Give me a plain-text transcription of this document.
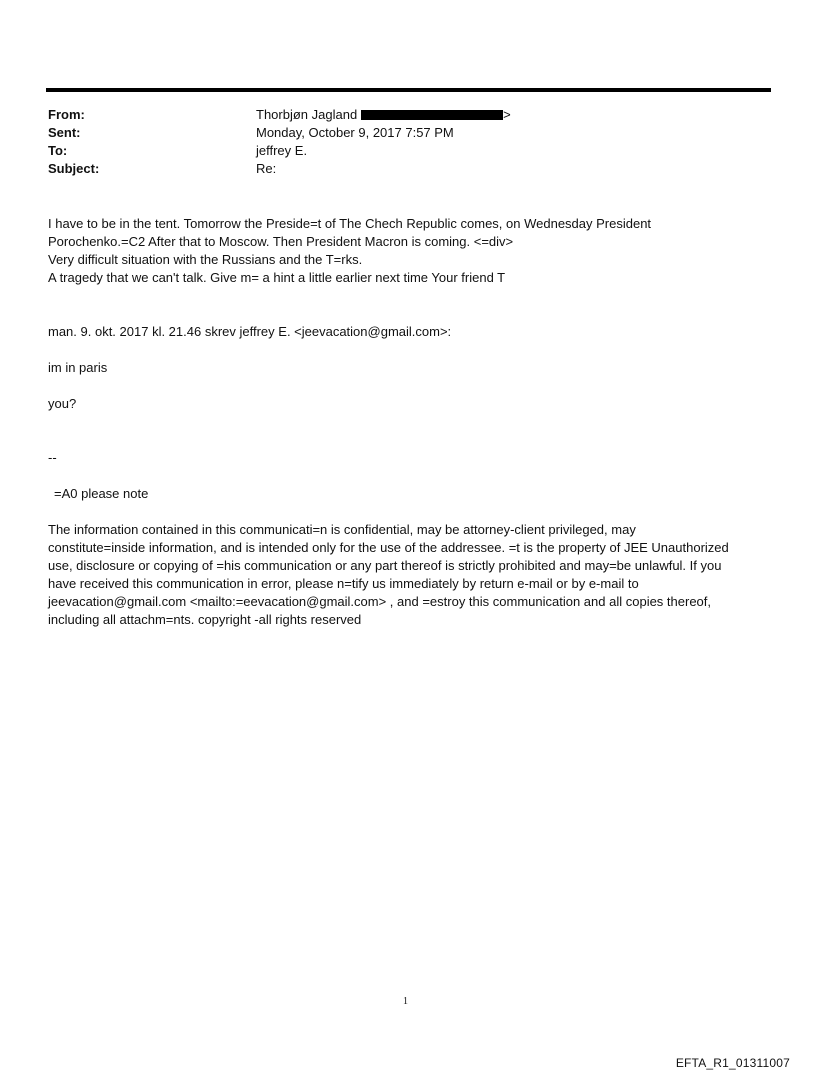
From:	Thorbjøn Jagland	>
Sent:	Monday, October 9, 2017 7:57 PM
To:	jeffrey E.
Subject:	Re:
I have to be in the tent. Tomorrow the Preside=t of The Chech Republic comes, on Wednesday President
Porochenko.=C2 After that to Moscow. Then President Macron is coming. <=div>
Very difficult situation with the Russians and the T=rks.
A tragedy that we can't talk. Give m= a hint a little earlier next time Your friend T
man. 9. okt. 2017 kl. 21.46 skrev jeffrey E. <jeevacation@gmail.com>:
im in paris
you?
--
=A0 please note
The information contained in this communicati=n is confidential, may be attorney-client privileged, may
constitute=inside information, and is intended only for the use of the addressee. =t is the property of JEE Unauthorized
use, disclosure or copying of =his communication or any part thereof is strictly prohibited and may=be unlawful. If you
have received this communication in error, please n=tify us immediately by return e-mail or by e-mail to
jeevacation@gmail.com <mailto:=eevacation@gmail.com> , and =estroy this communication and all copies thereof,
including all attachm=nts. copyright -all rights reserved
1
EFTA_R1_01311007
